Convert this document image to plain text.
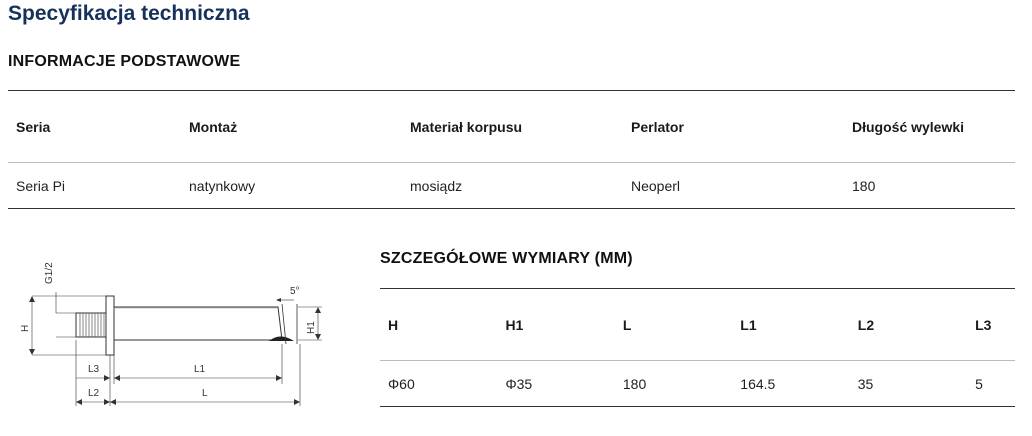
Specyfikacja techniczna
INFORMACJE PODSTAWOWE
Seria	Montaż	Materiał korpusu	Perlator	Długość wylewki
Seria Pi	natynkowy	mosiądz	Neoperl	180
G1/2
H	H1
5°
L3	L1
L2	L
SZCZEGÓŁOWE WYMIARY (MM)
H	H1	L	L1	L2	L3
Φ60	Φ35	180	164.5	35	5
